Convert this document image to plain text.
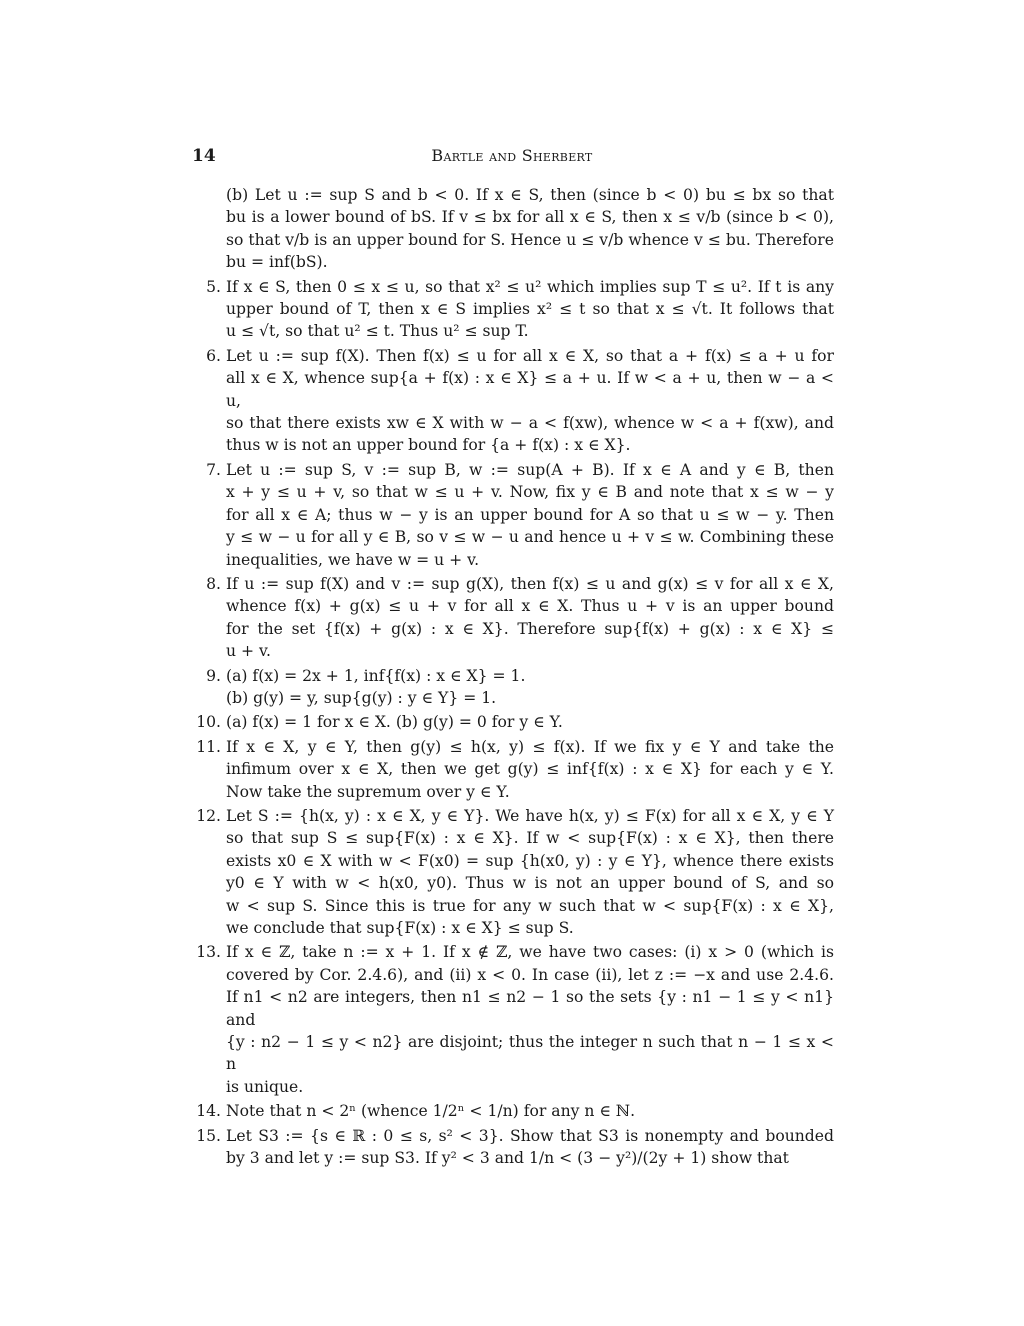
14	Bartle and Sherbert
(b) Let u := sup S and b < 0. If x ∈ S, then (since b < 0) bu ≤ bx so that
bu is a lower bound of bS. If v ≤ bx for all x ∈ S, then x ≤ v/b (since b < 0),
so that v/b is an upper bound for S. Hence u ≤ v/b whence v ≤ bu. Therefore
bu = inf(bS).
5. If x ∈ S, then 0 ≤ x ≤ u, so that x² ≤ u² which implies sup T ≤ u². If t is any
upper bound of T, then x ∈ S implies x² ≤ t so that x ≤ √t. It follows that
u ≤ √t, so that u² ≤ t. Thus u² ≤ sup T.
6. Let u := sup f(X). Then f(x) ≤ u for all x ∈ X, so that a + f(x) ≤ a + u for
all x ∈ X, whence sup{a + f(x) : x ∈ X} ≤ a + u. If w < a + u, then w − a < u,
so that there exists xw ∈ X with w − a < f(xw), whence w < a + f(xw), and
thus w is not an upper bound for {a + f(x) : x ∈ X}.
7. Let u := sup S, v := sup B, w := sup(A + B). If x ∈ A and y ∈ B, then
x + y ≤ u + v, so that w ≤ u + v. Now, fix y ∈ B and note that x ≤ w − y
for all x ∈ A; thus w − y is an upper bound for A so that u ≤ w − y. Then
y ≤ w − u for all y ∈ B, so v ≤ w − u and hence u + v ≤ w. Combining these
inequalities, we have w = u + v.
8. If u := sup f(X) and v := sup g(X), then f(x) ≤ u and g(x) ≤ v for all x ∈ X,
whence f(x) + g(x) ≤ u + v for all x ∈ X. Thus u + v is an upper bound
for the set {f(x) + g(x) : x ∈ X}. Therefore sup{f(x) + g(x) : x ∈ X} ≤
u + v.
9. (a) f(x) = 2x + 1, inf{f(x) : x ∈ X} = 1.
(b) g(y) = y, sup{g(y) : y ∈ Y} = 1.
10. (a) f(x) = 1 for x ∈ X. (b) g(y) = 0 for y ∈ Y.
11. If x ∈ X, y ∈ Y, then g(y) ≤ h(x, y) ≤ f(x). If we fix y ∈ Y and take the
infimum over x ∈ X, then we get g(y) ≤ inf{f(x) : x ∈ X} for each y ∈ Y.
Now take the supremum over y ∈ Y.
12. Let S := {h(x, y) : x ∈ X, y ∈ Y}. We have h(x, y) ≤ F(x) for all x ∈ X, y ∈ Y
so that sup S ≤ sup{F(x) : x ∈ X}. If w < sup{F(x) : x ∈ X}, then there
exists x0 ∈ X with w < F(x0) = sup {h(x0, y) : y ∈ Y}, whence there exists
y0 ∈ Y with w < h(x0, y0). Thus w is not an upper bound of S, and so
w < sup S. Since this is true for any w such that w < sup{F(x) : x ∈ X},
we conclude that sup{F(x) : x ∈ X} ≤ sup S.
13. If x ∈ ℤ, take n := x + 1. If x ∉ ℤ, we have two cases: (i) x > 0 (which is
covered by Cor. 2.4.6), and (ii) x < 0. In case (ii), let z := −x and use 2.4.6.
If n1 < n2 are integers, then n1 ≤ n2 − 1 so the sets {y : n1 − 1 ≤ y < n1} and
{y : n2 − 1 ≤ y < n2} are disjoint; thus the integer n such that n − 1 ≤ x < n
is unique.
14. Note that n < 2ⁿ (whence 1/2ⁿ < 1/n) for any n ∈ ℕ.
15. Let S3 := {s ∈ ℝ : 0 ≤ s, s² < 3}. Show that S3 is nonempty and bounded
by 3 and let y := sup S3. If y² < 3 and 1/n < (3 − y²)/(2y + 1) show that
